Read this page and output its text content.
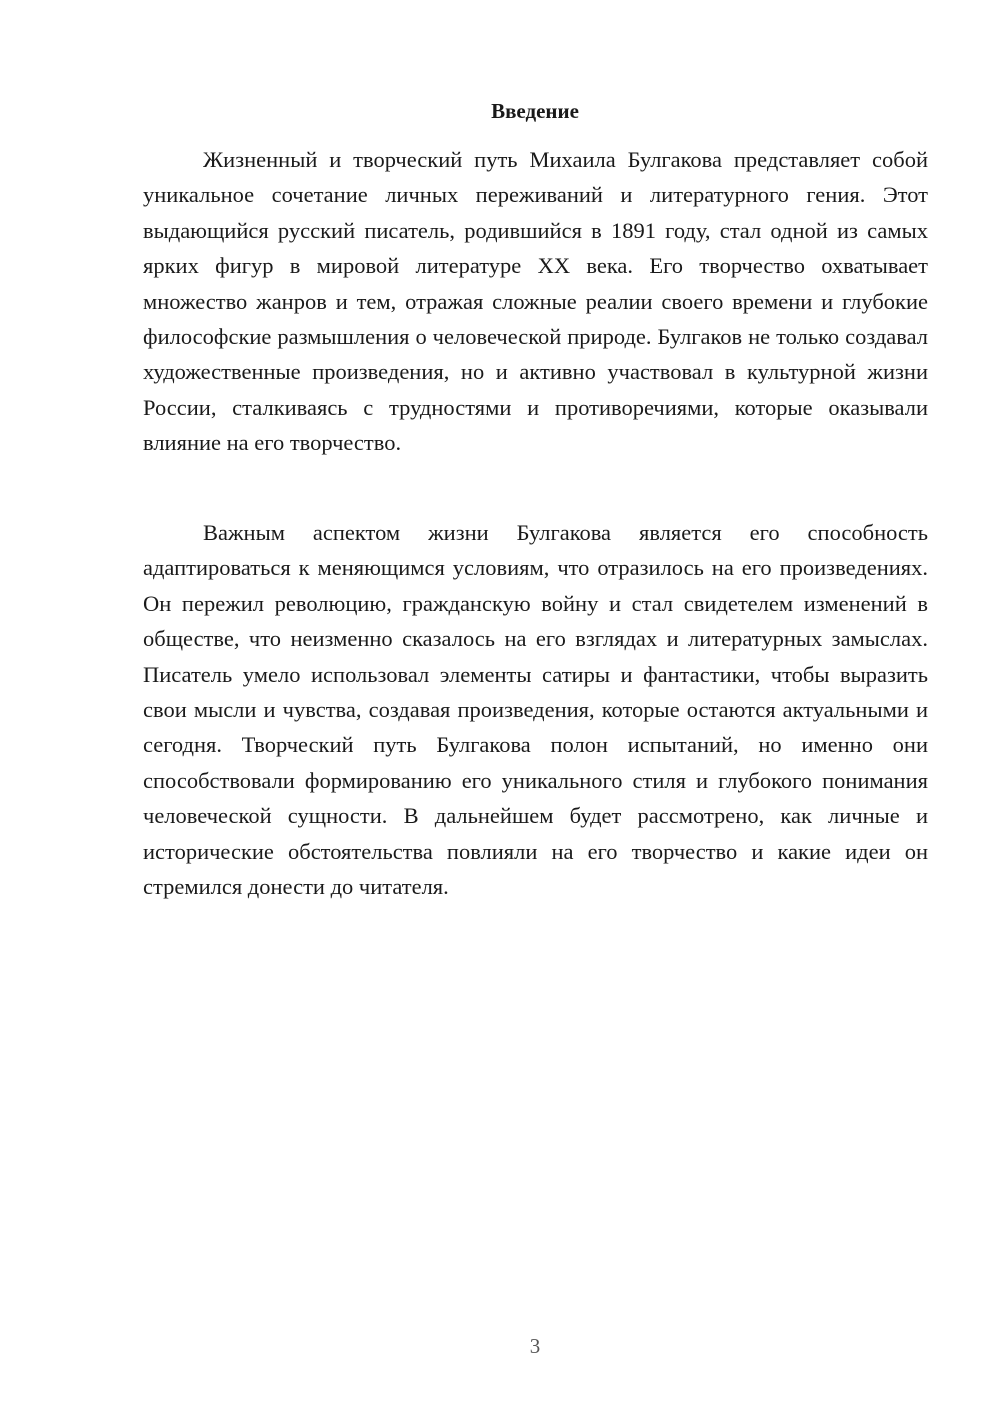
Введение

Жизненный и творческий путь Михаила Булгакова представляет собой уникальное сочетание личных переживаний и литературного гения. Этот выдающийся русский писатель, родившийся в 1891 году, стал одной из самых ярких фигур в мировой литературе XX века. Его творчество охватывает множество жанров и тем, отражая сложные реалии своего времени и глубокие философские размышления о человеческой природе. Булгаков не только создавал художественные произведения, но и активно участвовал в культурной жизни России, сталкиваясь с трудностями и противоречиями, которые оказывали влияние на его творчество.

Важным аспектом жизни Булгакова является его способность адаптироваться к меняющимся условиям, что отразилось на его произведениях. Он пережил революцию, гражданскую войну и стал свидетелем изменений в обществе, что неизменно сказалось на его взглядах и литературных замыслах. Писатель умело использовал элементы сатиры и фантастики, чтобы выразить свои мысли и чувства, создавая произведения, которые остаются актуальными и сегодня. Творческий путь Булгакова полон испытаний, но именно они способствовали формированию его уникального стиля и глубокого понимания человеческой сущности. В дальнейшем будет рассмотрено, как личные и исторические обстоятельства повлияли на его творчество и какие идеи он стремился донести до читателя.

3
